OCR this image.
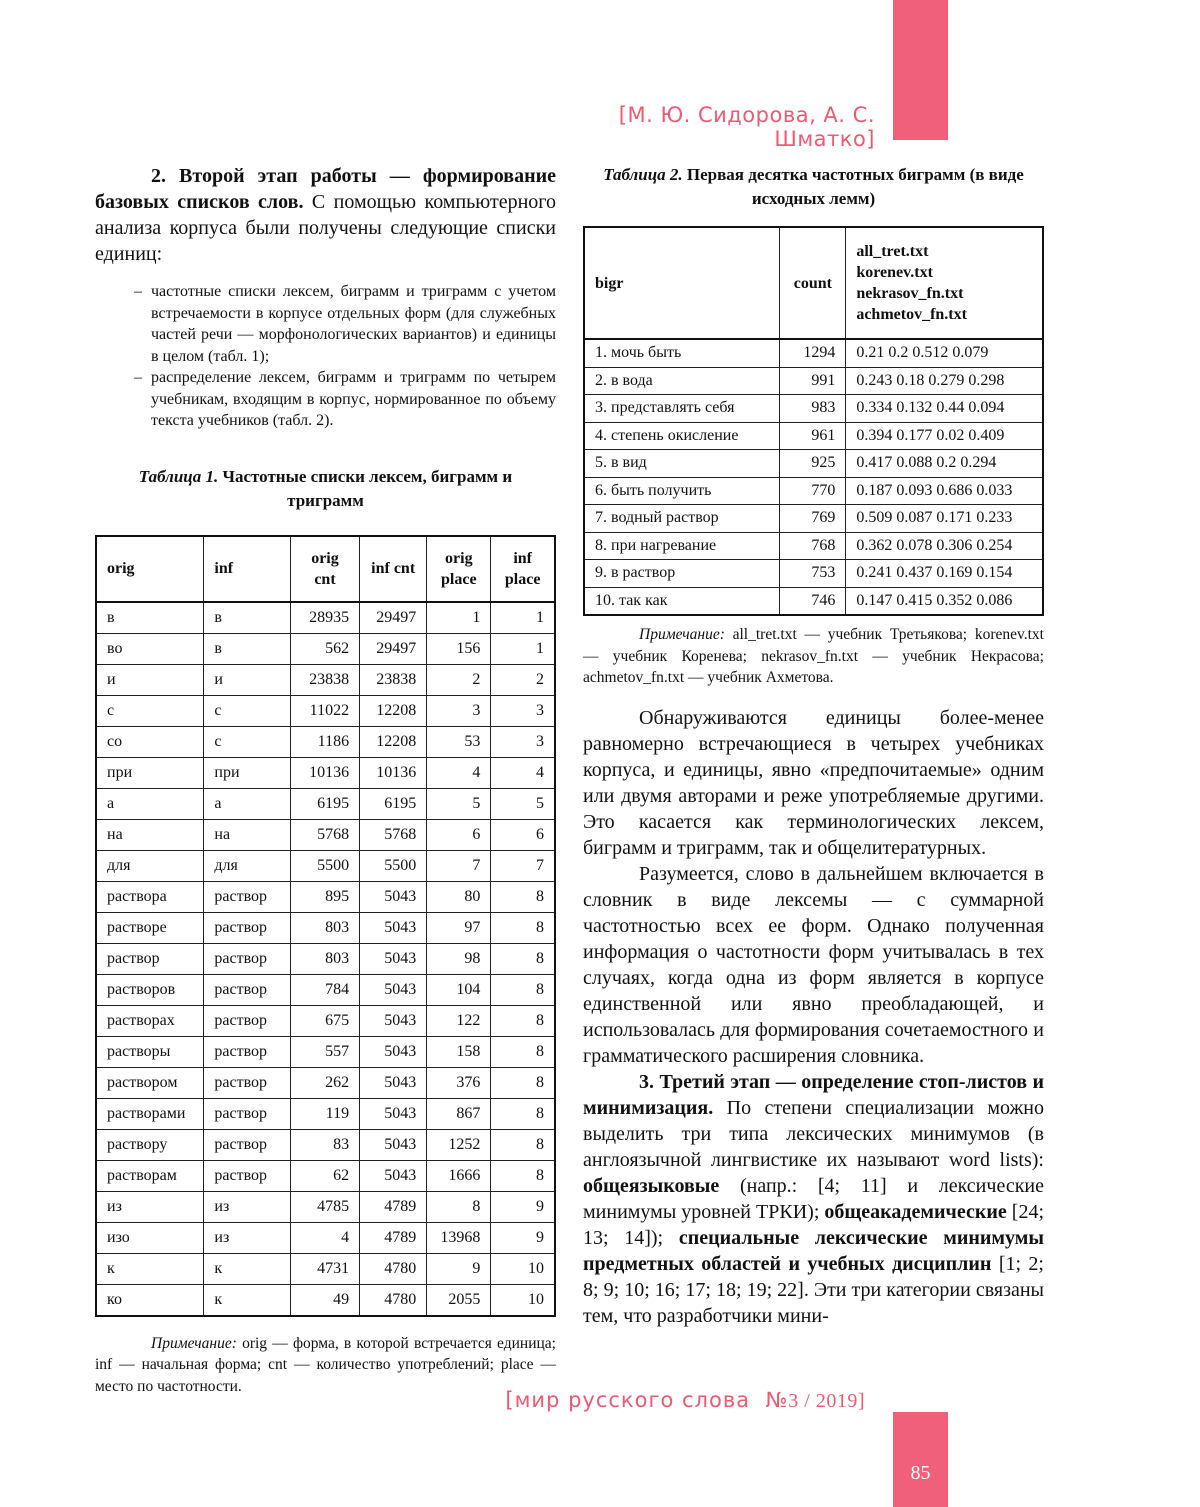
[М. Ю. Сидорова, А. С. Шматко]

2. Второй этап работы — формирование базовых списков слов. С помощью компьютерного анализа корпуса были получены следующие списки единиц:

– частотные списки лексем, биграмм и триграмм с учетом встречаемости в корпусе отдельных форм (для служебных частей речи — морфонологических вариантов) и единицы в целом (табл. 1);
– распределение лексем, биграмм и триграмм по четырем учебникам, входящим в корпус, нормированное по объему текста учебников (табл. 2).
Таблица 1. Частотные списки лексем, биграмм и триграмм
orig	inf	orig cnt	inf cnt	orig place	inf place
в	в	28935	29497	1	1
во	в	562	29497	156	1
и	и	23838	23838	2	2
с	с	11022	12208	3	3
со	с	1186	12208	53	3
при	при	10136	10136	4	4
а	а	6195	6195	5	5
на	на	5768	5768	6	6
для	для	5500	5500	7	7
раствора	раствор	895	5043	80	8
растворе	раствор	803	5043	97	8
раствор	раствор	803	5043	98	8
растворов	раствор	784	5043	104	8
растворах	раствор	675	5043	122	8
растворы	раствор	557	5043	158	8
раствором	раствор	262	5043	376	8
растворами	раствор	119	5043	867	8
раствору	раствор	83	5043	1252	8
растворам	раствор	62	5043	1666	8
из	из	4785	4789	8	9
изо	из	4	4789	13968	9
к	к	4731	4780	9	10
ко	к	49	4780	2055	10

Примечание: orig — форма, в которой встречается единица; inf — начальная форма; cnt — количество употреблений; place — место по частотности.

Таблица 2. Первая десятка частотных биграмм (в виде исходных лемм)
bigr	count	all_tret.txt
korenev.txt
nekrasov_fn.txt
achmetov_fn.txt

1. мочь быть	1294	0.21 0.2 0.512 0.079
2. в вода	991	0.243 0.18 0.279 0.298
3. представлять себя	983	0.334 0.132 0.44 0.094
4. степень окисление	961	0.394 0.177 0.02 0.409
5. в вид	925	0.417 0.088 0.2 0.294
6. быть получить	770	0.187 0.093 0.686 0.033
7. водный раствор	769	0.509 0.087 0.171 0.233
8. при нагревание	768	0.362 0.078 0.306 0.254
9. в раствор	753	0.241 0.437 0.169 0.154
10. так как	746	0.147 0.415 0.352 0.086

Примечание: all_tret.txt — учебник Третьякова; korenev.txt — учебник Коренева; nekrasov_fn.txt — учебник Некрасова; achmetov_fn.txt — учебник Ахметова.

Обнаруживаются единицы более-менее равномерно встречающиеся в четырех учебниках корпуса, и единицы, явно «предпочитаемые» одним или двумя авторами и реже употребляемые другими. Это касается как терминологических лексем, биграмм и триграмм, так и общелитературных.

Разумеется, слово в дальнейшем включается в словник в виде лексемы — с суммарной частотностью всех ее форм. Однако полученная информация о частотности форм учитывалась в тех случаях, когда одна из форм является в корпусе единственной или явно преобладающей, и использовалась для формирования сочетаемостного и грамматического расширения словника.

3. Третий этап — определение стоп-листов и минимизация. По степени специализации можно выделить три типа лексических минимумов (в англоязычной лингвистике их называют word lists): общеязыковые (напр.: [4; 11] и лексические минимумы уровней ТРКИ); общеакадемические [24; 13; 14]); специальные лексические минимумы предметных областей и учебных дисциплин [1; 2; 8; 9; 10; 16; 17; 18; 19; 22]. Эти три категории связаны тем, что разработчики мини-

[мир русского слова №3 / 2019]
85
